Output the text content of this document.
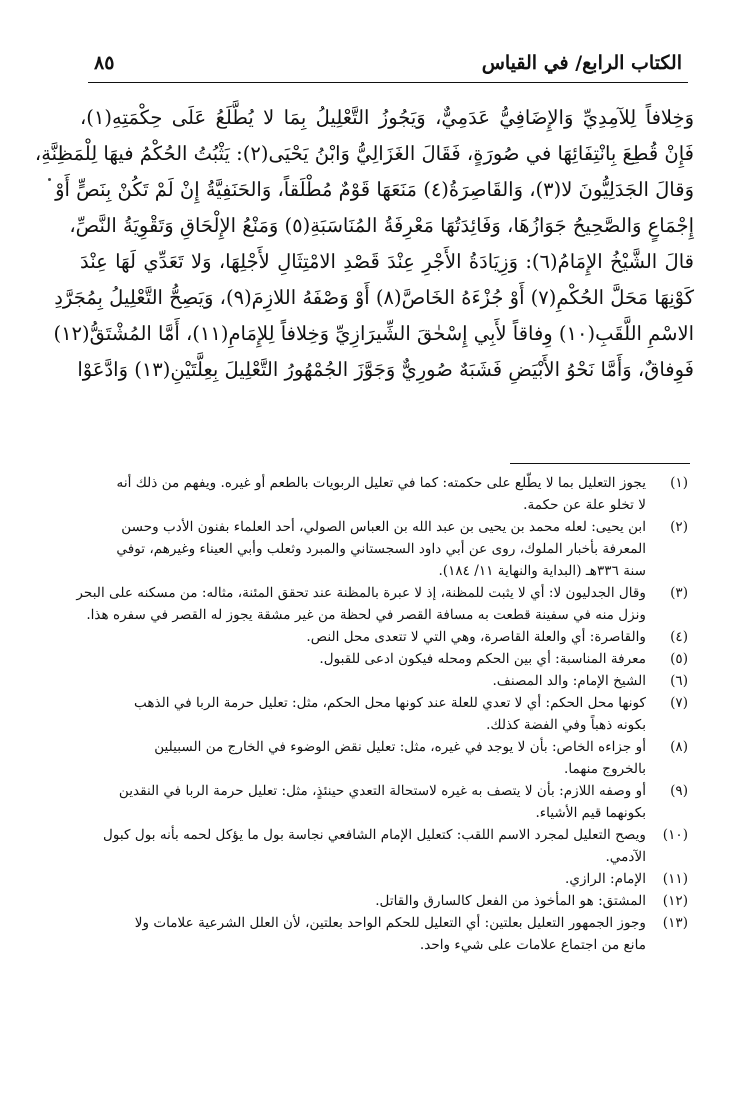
الكتاب الرابع/ في القياس
٨٥
وَخِلافاً لِلآمِدِيِّ وَالإِضَافِيُّ عَدَمِيٌّ، وَيَجُوزُ التَّعْلِيلُ بِمَا لا يُطَّلَعُ عَلَى حِكْمَتِهِ(١)،
فَإِنْ قُطِعَ بِانْتِفَائِهَا في صُورَةٍ، فَقَالَ الغَزَالِيُّ وَابْنُ يَحْيَى(٢): يَثْبُتُ الحُكْمُ فيهَا لِلْمَظِنَّةِ،
وَقالَ الجَدَلِيُّونَ لا(٣)، وَالقَاصِرَةُ(٤) مَنَعَهَا قَوْمٌ مُطْلَقاً، وَالحَنَفِيَّةُ إِنْ لَمْ تَكُنْ بِنَصٍّ أَوْ
إِجْمَاعٍ وَالصَّحِيحُ جَوَازُهَا، وَفَائِدَتُهَا مَعْرِفَةُ المُنَاسَبَةِ(٥) وَمَنْعُ الإِلْحَاقِ وَتَقْوِيَةُ النَّصِّ،
قالَ الشَّيْخُ الإِمَامُ(٦): وَزِيَادَةُ الأَجْرِ عِنْدَ قَصْدِ الامْتِثَالِ لأَجْلِهَا، وَلا تَعَدِّي لَهَا عِنْدَ
كَوْنِهَا مَحَلَّ الحُكْمِ(٧) أَوْ جُزْءَهُ الخَاصَّ(٨) أَوْ وَصْفَهُ اللازِمَ(٩)، وَيَصِحُّ التَّعْلِيلُ بِمُجَرَّدِ
الاسْمِ اللَّقَبِ(١٠) وِفاقاً لأَبِي إِسْحٰقَ الشِّيرَازِيِّ وَخِلافاً لِلإِمَامِ(١١)، أَمَّا المُشْتَقُّ(١٢)
فَوِفاقٌ، وَأَمَّا نَحْوُ الأَبْيَضِ فَشَبَهٌ صُورِيٌّ وَجَوَّزَ الجُمْهُورُ التَّعْلِيلَ بِعِلَّتَيْنِ(١٣) وَادَّعَوْا
(١)
يجوز التعليل بما لا يطّلع على حكمته: كما في تعليل الربويات بالطعم أو غيره. ويفهم من ذلك أنه
لا تخلو علة عن حكمة.
(٢)
ابن يحيى: لعله محمد بن يحيى بن عبد الله بن العباس الصولي، أحد العلماء بفنون الأدب وحسن
المعرفة بأخبار الملوك، روى عن أبي داود السجستاني والمبرد وثعلب وأبي العيناء وغيرهم، توفي
سنة ٣٣٦هـ (البداية والنهاية ١١/ ١٨٤).
(٣)
وقال الجدليون لا: أي لا يثبت للمظنة، إذ لا عبرة بالمظنة عند تحقق المئنة، مثاله: من مسكنه على البحر
ونزل منه في سفينة قطعت به مسافة القصر في لحظة من غير مشقة يجوز له القصر في سفره هذا.
(٤)
والقاصرة: أي والعلة القاصرة، وهي التي لا تتعدى محل النص.
(٥)
معرفة المناسبة: أي بين الحكم ومحله فيكون ادعى للقبول.
(٦)
الشيخ الإمام: والد المصنف.
(٧)
كونها محل الحكم: أي لا تعدي للعلة عند كونها محل الحكم، مثل: تعليل حرمة الربا في الذهب
بكونه ذهباً وفي الفضة كذلك.
(٨)
أو جزاءه الخاص: بأن لا يوجد في غيره، مثل: تعليل نقض الوضوء في الخارج من السبيلين
بالخروج منهما.
(٩)
أو وصفه اللازم: بأن لا يتصف به غيره لاستحالة التعدي حينئذٍ، مثل: تعليل حرمة الربا في النقدين
بكونهما قيم الأشياء.
(١٠)
ويصح التعليل لمجرد الاسم اللقب: كتعليل الإمام الشافعي نجاسة بول ما يؤكل لحمه بأنه بول كبول
الآدمي.
(١١)
الإمام: الرازي.
(١٢)
المشتق: هو المأخوذ من الفعل كالسارق والقاتل.
(١٣)
وجوز الجمهور التعليل بعلتين: أي التعليل للحكم الواحد بعلتين، لأن العلل الشرعية علامات ولا
مانع من اجتماع علامات على شيء واحد.
